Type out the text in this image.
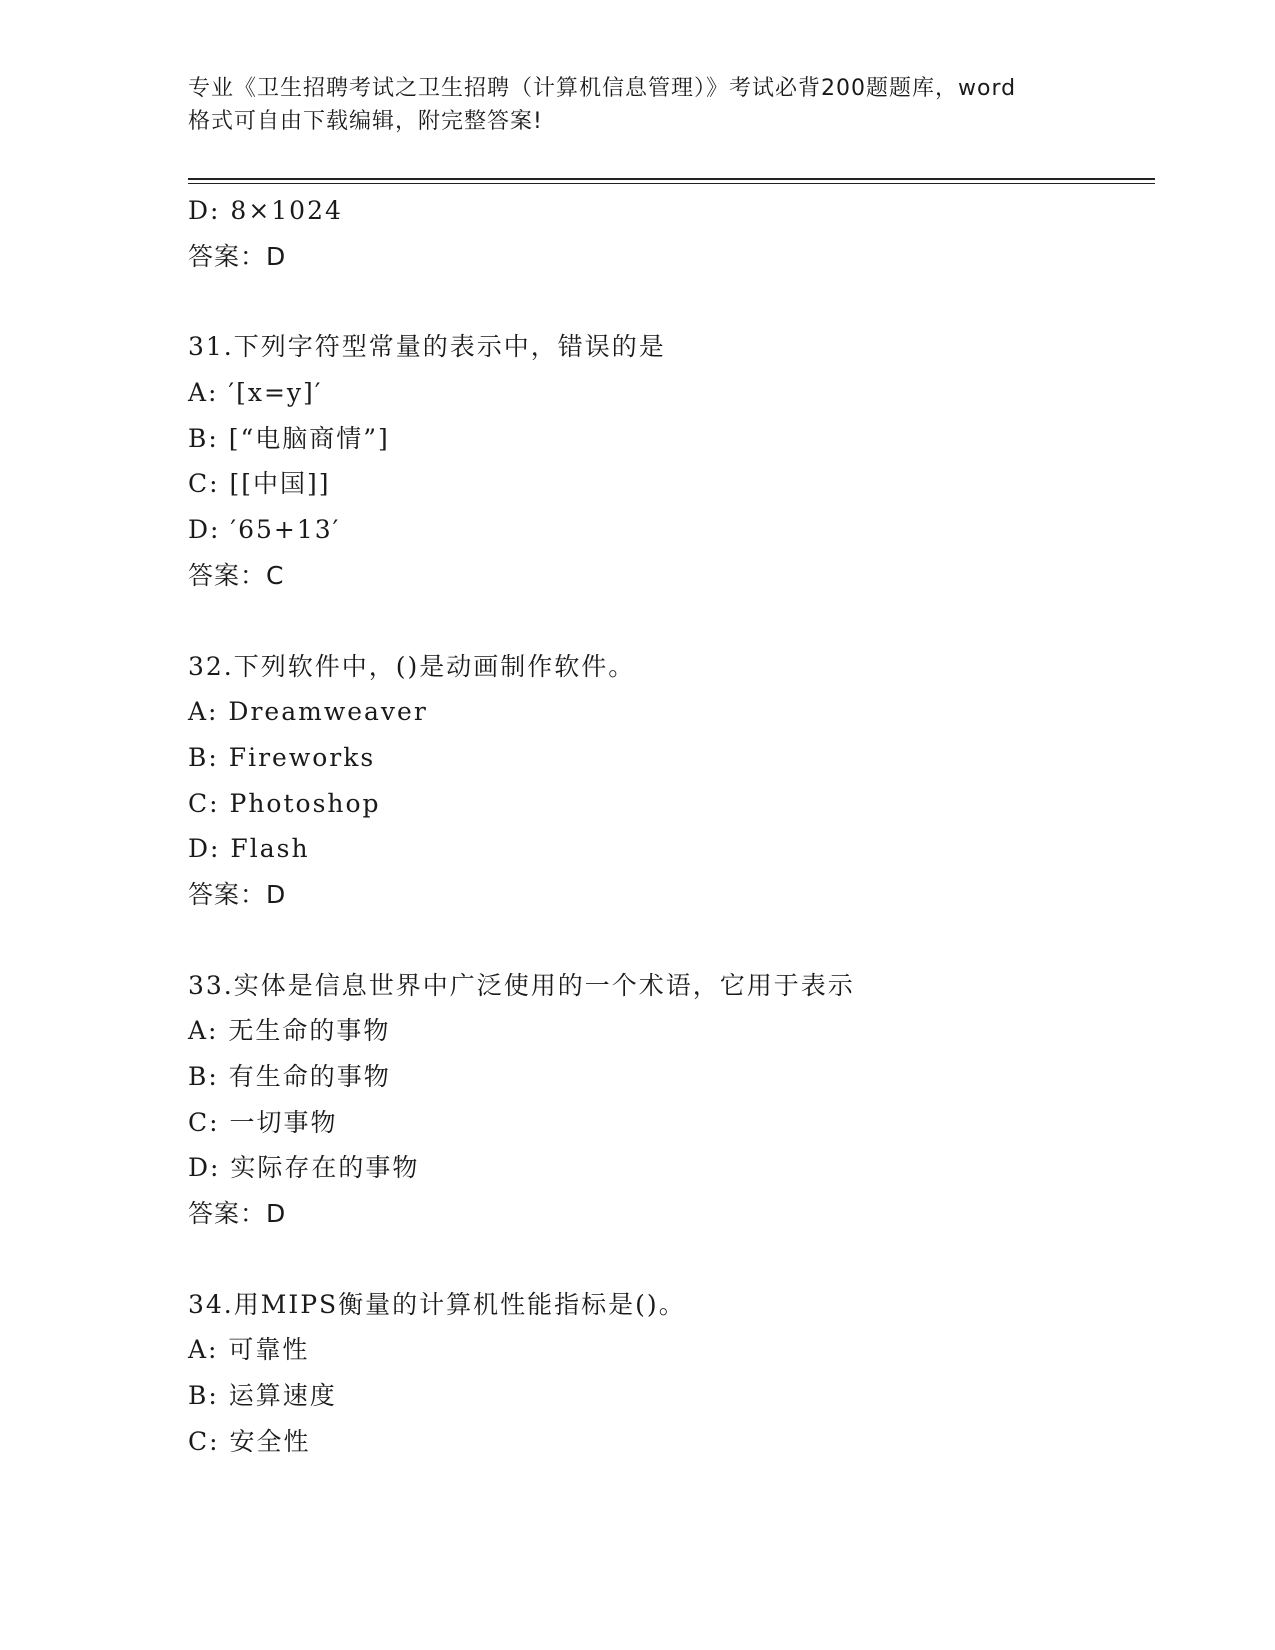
专业《卫生招聘考试之卫生招聘（计算机信息管理）》考试必背200题题库，word
格式可自由下载编辑，附完整答案!
D: 8×1024
答案：D
31.下列字符型常量的表示中，错误的是
A: ′[x=y]′
B: [“电脑商情”]
C: [[中国]]
D: ′65+13′
答案：C
32.下列软件中，()是动画制作软件。
A: Dreamweaver
B: Fireworks
C: Photoshop
D: Flash
答案：D
33.实体是信息世界中广泛使用的一个术语，它用于表示
A: 无生命的事物
B: 有生命的事物
C: 一切事物
D: 实际存在的事物
答案：D
34.用MIPS衡量的计算机性能指标是()。
A: 可靠性
B: 运算速度
C: 安全性
